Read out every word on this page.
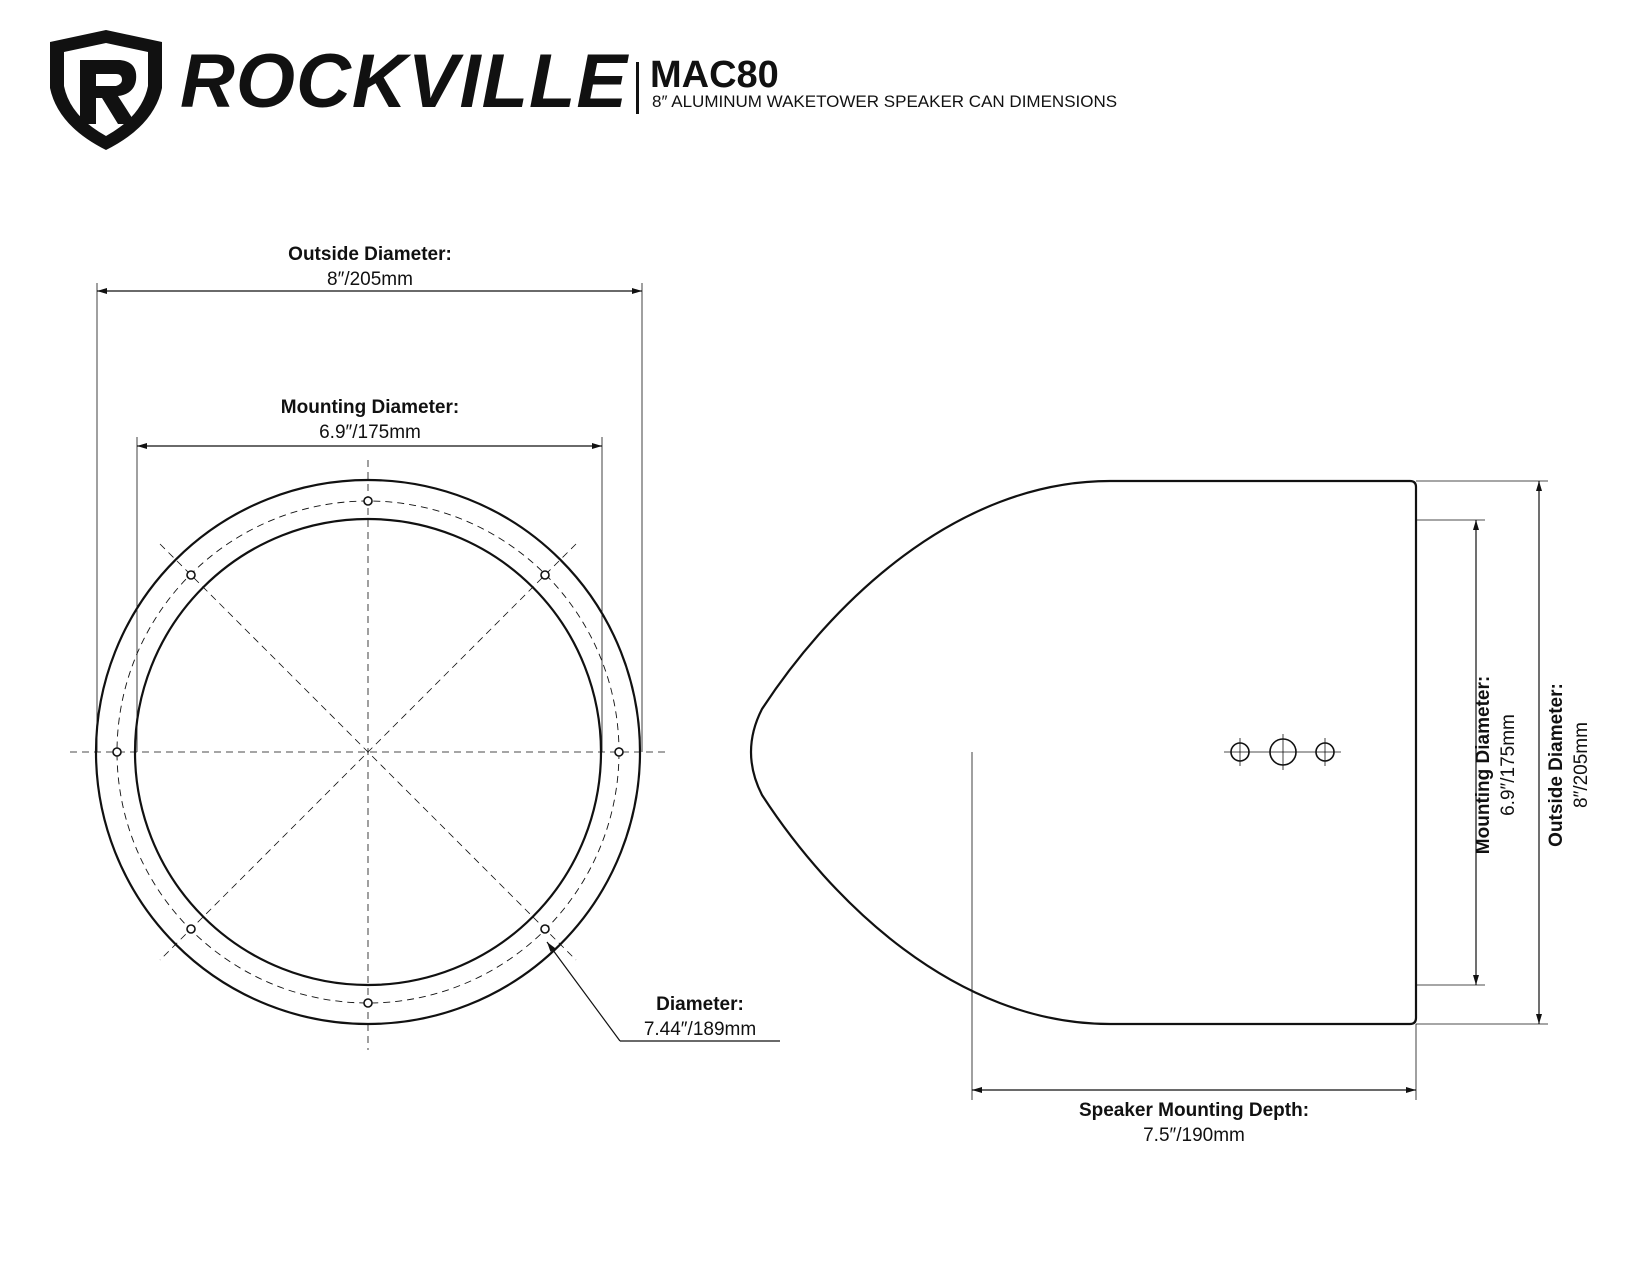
ROCKVILLE MAC80
8″ ALUMINUM WAKETOWER SPEAKER CAN DIMENSIONS
Outside Diameter:
8″/205mm
Mounting Diameter:
6.9″/175mm
Diameter:
7.44″/189mm
Speaker Mounting Depth:
7.5″/190mm
Mounting Diameter: 6.9″/175mm Outside Diameter: 8″/205mm
